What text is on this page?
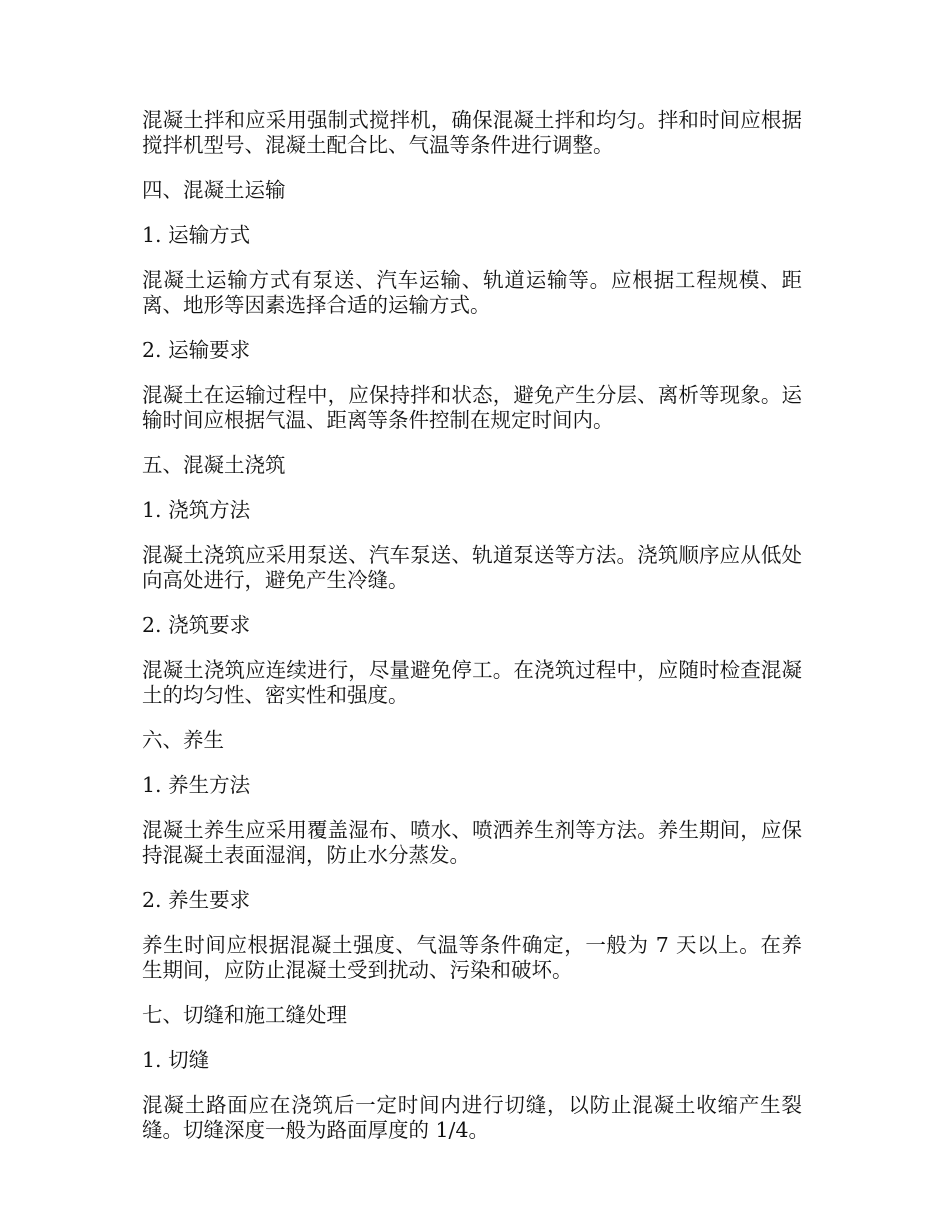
混凝土拌和应采用强制式搅拌机，确保混凝土拌和均匀。拌和时间应根据搅拌机型号、混凝土配合比、气温等条件进行调整。

四、混凝土运输

1. 运输方式

混凝土运输方式有泵送、汽车运输、轨道运输等。应根据工程规模、距离、地形等因素选择合适的运输方式。

2. 运输要求

混凝土在运输过程中，应保持拌和状态，避免产生分层、离析等现象。运输时间应根据气温、距离等条件控制在规定时间内。

五、混凝土浇筑

1. 浇筑方法

混凝土浇筑应采用泵送、汽车泵送、轨道泵送等方法。浇筑顺序应从低处向高处进行，避免产生冷缝。

2. 浇筑要求

混凝土浇筑应连续进行，尽量避免停工。在浇筑过程中，应随时检查混凝土的均匀性、密实性和强度。

六、养生

1. 养生方法

混凝土养生应采用覆盖湿布、喷水、喷洒养生剂等方法。养生期间，应保持混凝土表面湿润，防止水分蒸发。

2. 养生要求

养生时间应根据混凝土强度、气温等条件确定，一般为 7 天以上。在养生期间，应防止混凝土受到扰动、污染和破坏。

七、切缝和施工缝处理

1. 切缝

混凝土路面应在浇筑后一定时间内进行切缝，以防止混凝土收缩产生裂缝。切缝深度一般为路面厚度的 1/4。
